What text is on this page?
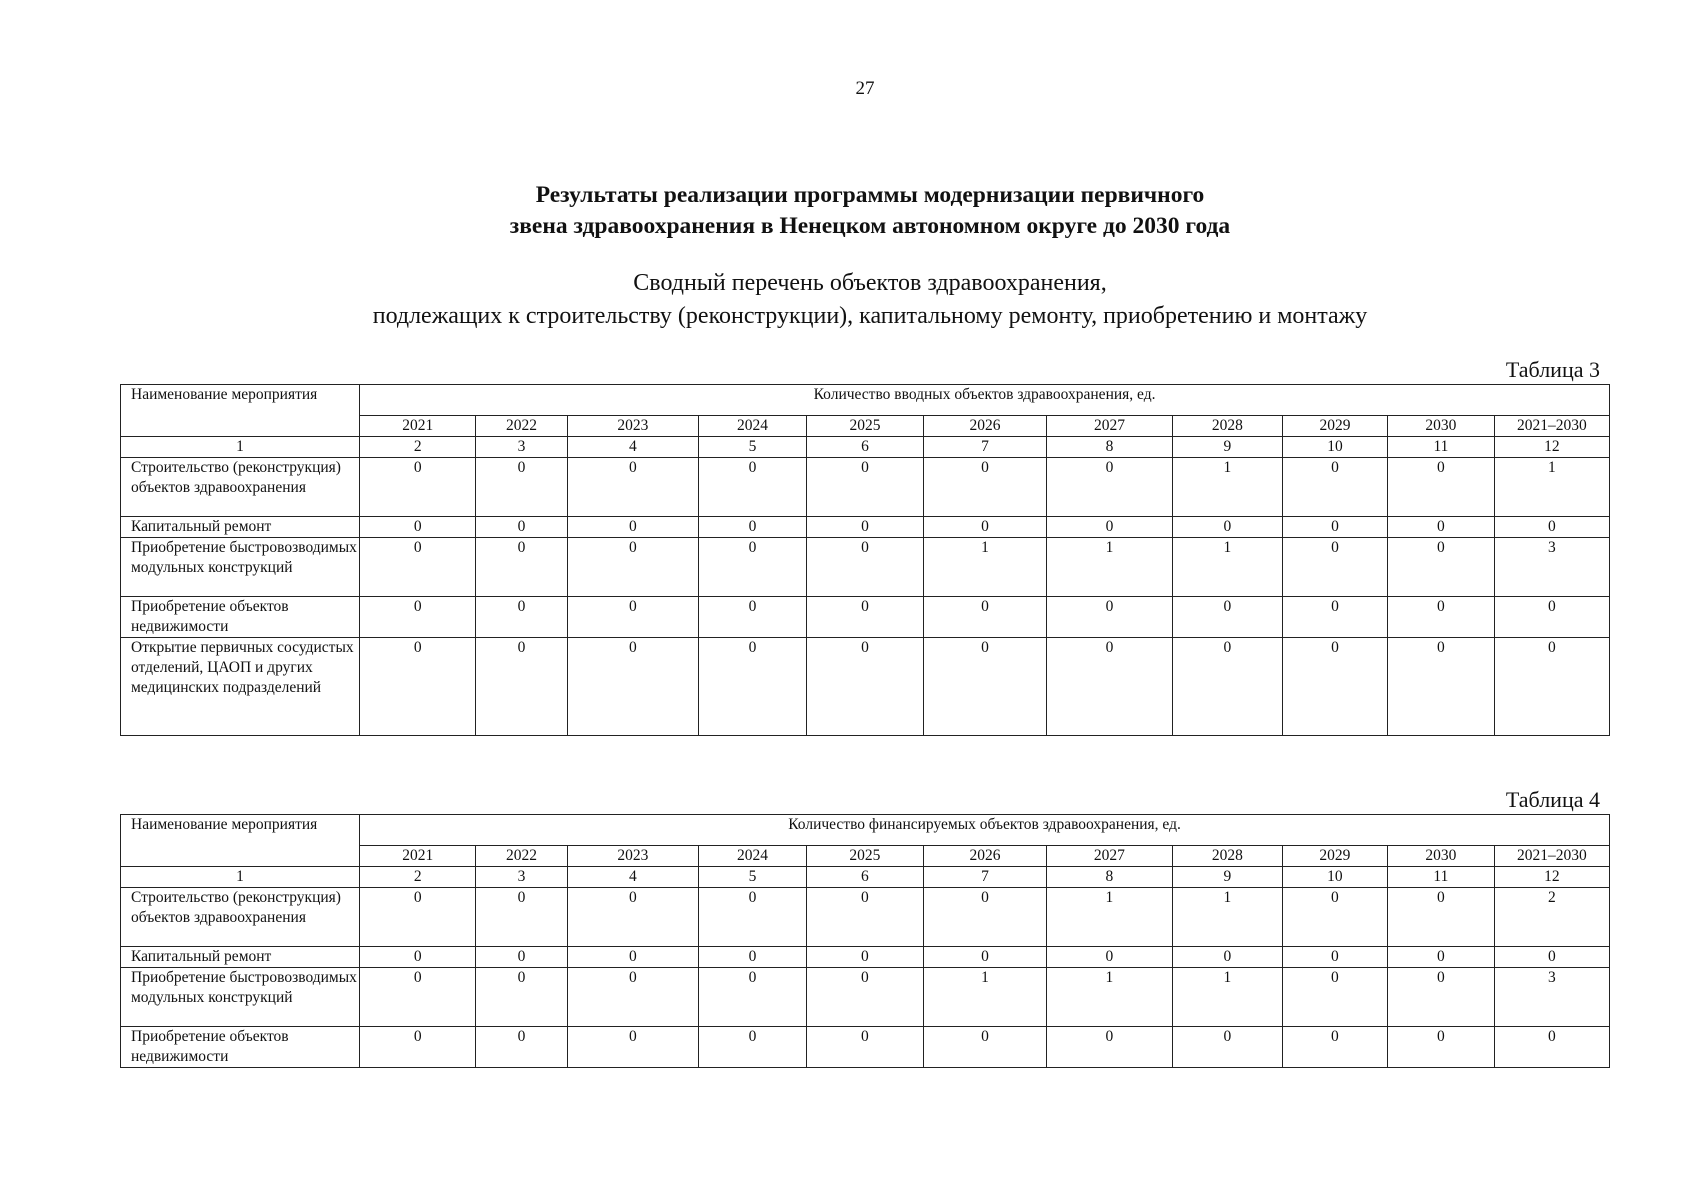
27
Результаты реализации программы модернизации первичного
звена здравоохранения в Ненецком автономном округе до 2030 года
Сводный перечень объектов здравоохранения,
подлежащих к строительству (реконструкции), капитальному ремонту, приобретению и монтажу
Таблица 3
Наименование мероприятия	Количество вводных объектов здравоохранения, ед.										
	2021	2022	2023	2024	2025	2026	2027	2028	2029	2030	2021–2030
1	2	3	4	5	6	7	8	9	10	11	12
Строительство (реконструкция) объектов здравоохранения	0	0	0	0	0	0	0	1	0	0	1
Капитальный ремонт	0	0	0	0	0	0	0	0	0	0	0
Приобретение быстровозводимых модульных конструкций	0	0	0	0	0	1	1	1	0	0	3
Приобретение объектов недвижимости	0	0	0	0	0	0	0	0	0	0	0
Открытие первичных сосудистых отделений, ЦАОП и других медицинских подразделений	0	0	0	0	0	0	0	0	0	0	0
Таблица 4
Наименование мероприятия	Количество финансируемых объектов здравоохранения, ед.										
	2021	2022	2023	2024	2025	2026	2027	2028	2029	2030	2021–2030
1	2	3	4	5	6	7	8	9	10	11	12
Строительство (реконструкция) объектов здравоохранения	0	0	0	0	0	0	1	1	0	0	2
Капитальный ремонт	0	0	0	0	0	0	0	0	0	0	0
Приобретение быстровозводимых модульных конструкций	0	0	0	0	0	1	1	1	0	0	3
Приобретение объектов недвижимости	0	0	0	0	0	0	0	0	0	0	0
